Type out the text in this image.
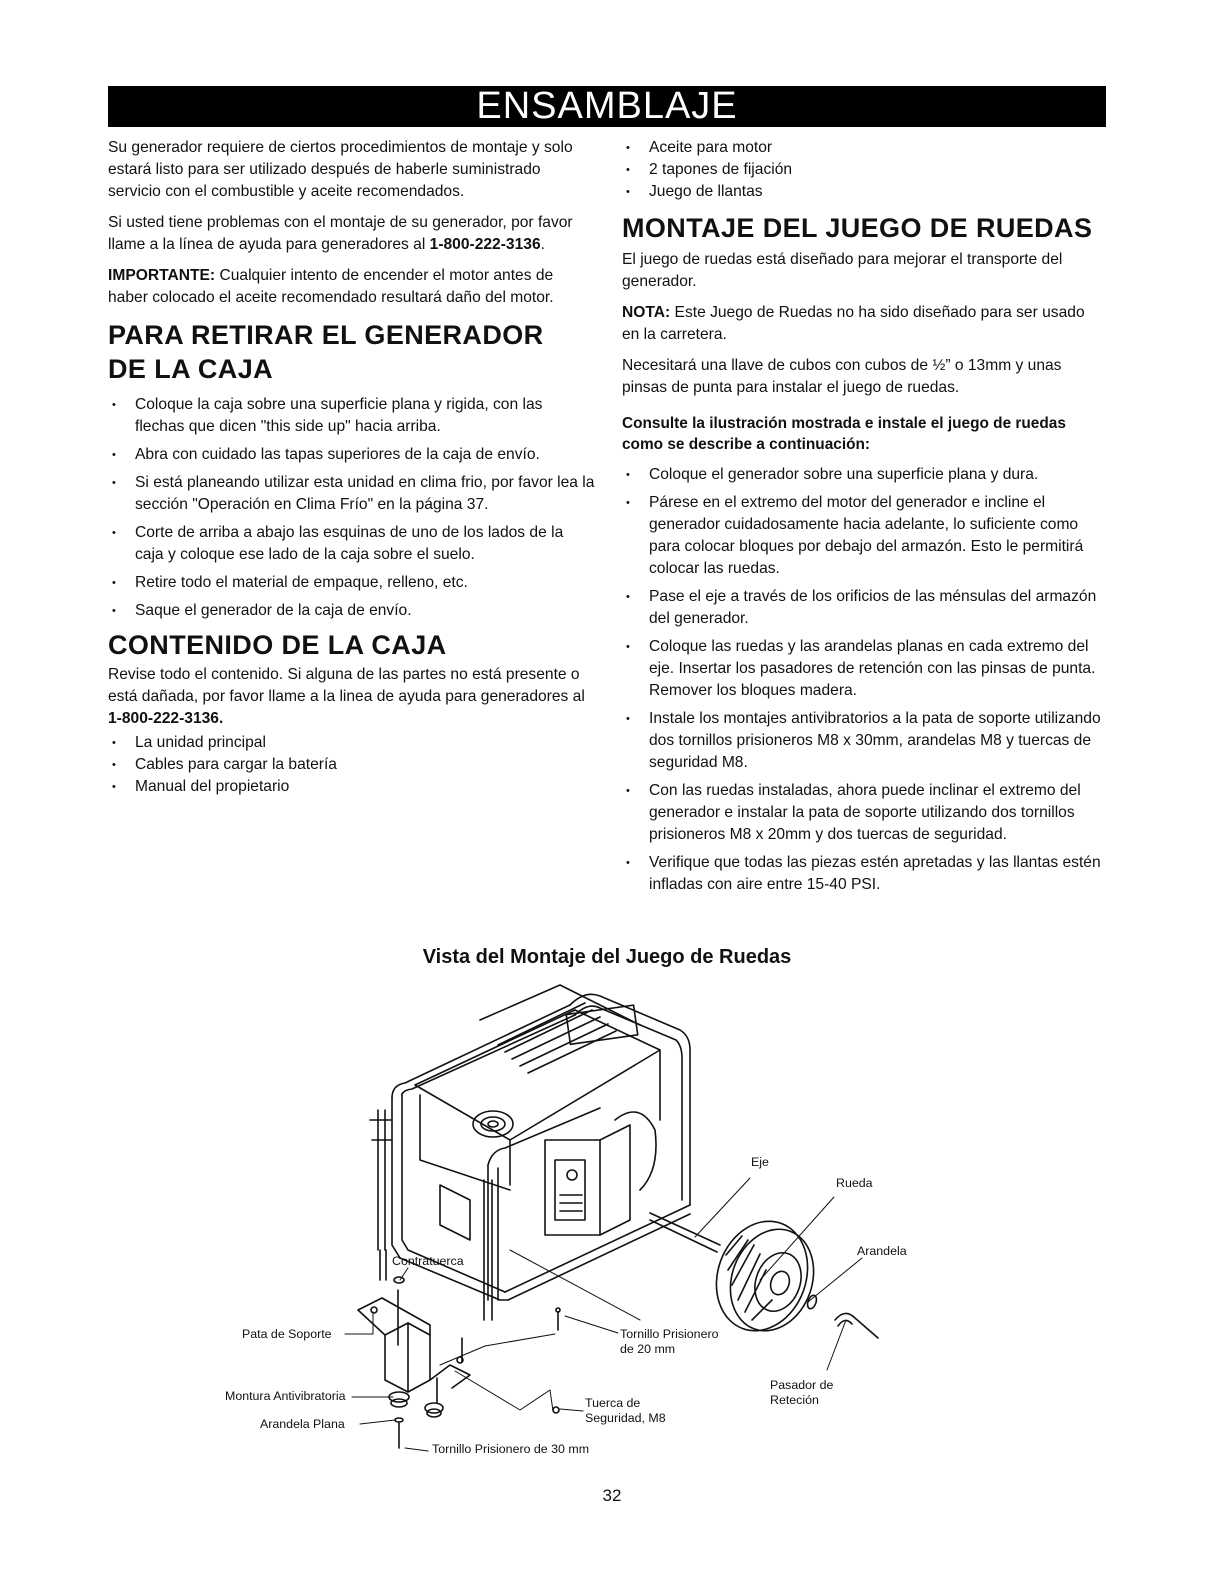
ENSAMBLAJE

Su generador requiere de ciertos procedimientos de montaje y solo estará listo para ser utilizado después de haberle suministrado servicio con el combustible y aceite recomendados.

Si usted tiene problemas con el montaje de su generador, por favor llame a la línea de ayuda para generadores al 1-800-222-3136.

IMPORTANTE: Cualquier intento de encender el motor antes de haber colocado el aceite recomendado resultará daño del motor.

PARA RETIRAR EL GENERADOR DE LA CAJA
• Coloque la caja sobre una superficie plana y rigida, con las flechas que dicen "this side up" hacia arriba.
• Abra con cuidado las tapas superiores de la caja de envío.
• Si está planeando utilizar esta unidad en clima frio, por favor lea la sección "Operación en Clima Frío" en la página 37.
• Corte de arriba a abajo las esquinas de uno de los lados de la caja y coloque ese lado de la caja sobre el suelo.
• Retire todo el material de empaque, relleno, etc.
• Saque el generador de la caja de envío.
CONTENIDO DE LA CAJA

Revise todo el contenido. Si alguna de las partes no está presente o está dañada, por favor llame a la linea de ayuda para generadores al 1-800-222-3136.

• La unidad principal
• Cables para cargar la batería
• Manual del propietario
• Aceite para motor
• 2 tapones de fijación
• Juego de llantas
MONTAJE DEL JUEGO DE RUEDAS

El juego de ruedas está diseñado para mejorar el transporte del generador.

NOTA: Este Juego de Ruedas no ha sido diseñado para ser usado en la carretera.

Necesitará una llave de cubos con cubos de ½” o 13mm y unas pinsas de punta para instalar el juego de ruedas.

Consulte la ilustración mostrada e instale el juego de ruedas como se describe a continuación:
• Coloque el generador sobre una superficie plana y dura.
• Párese en el extremo del motor del generador e incline el generador cuidadosamente hacia adelante, lo suficiente como para colocar bloques por debajo del armazón. Esto le permitirá colocar las ruedas.
• Pase el eje a través de los orificios de las ménsulas del armazón del generador.
• Coloque las ruedas y las arandelas planas en cada extremo del eje. Insertar los pasadores de retención con las pinsas de punta. Remover los bloques madera.
• Instale los montajes antivibratorios a la pata de soporte utilizando dos tornillos prisioneros M8 x 30mm, arandelas M8 y tuercas de seguridad M8.
• Con las ruedas instaladas, ahora puede inclinar el extremo del generador e instalar la pata de soporte utilizando dos tornillos prisioneros M8 x 20mm y dos tuercas de seguridad.
• Verifique que todas las piezas estén apretadas y las llantas estén infladas con aire entre 15-40 PSI.
Vista del Montaje del Juego de Ruedas
Eje
Rueda
Arandela
Contratuerca
Pata de Soporte	Tornillo Prisionero
de 20 mm
Montura Antivibratoria
Arandela Plana
Tuerca de
Seguridad, M8
Pasador de
Reteción
Tornillo Prisionero de 30 mm
32
